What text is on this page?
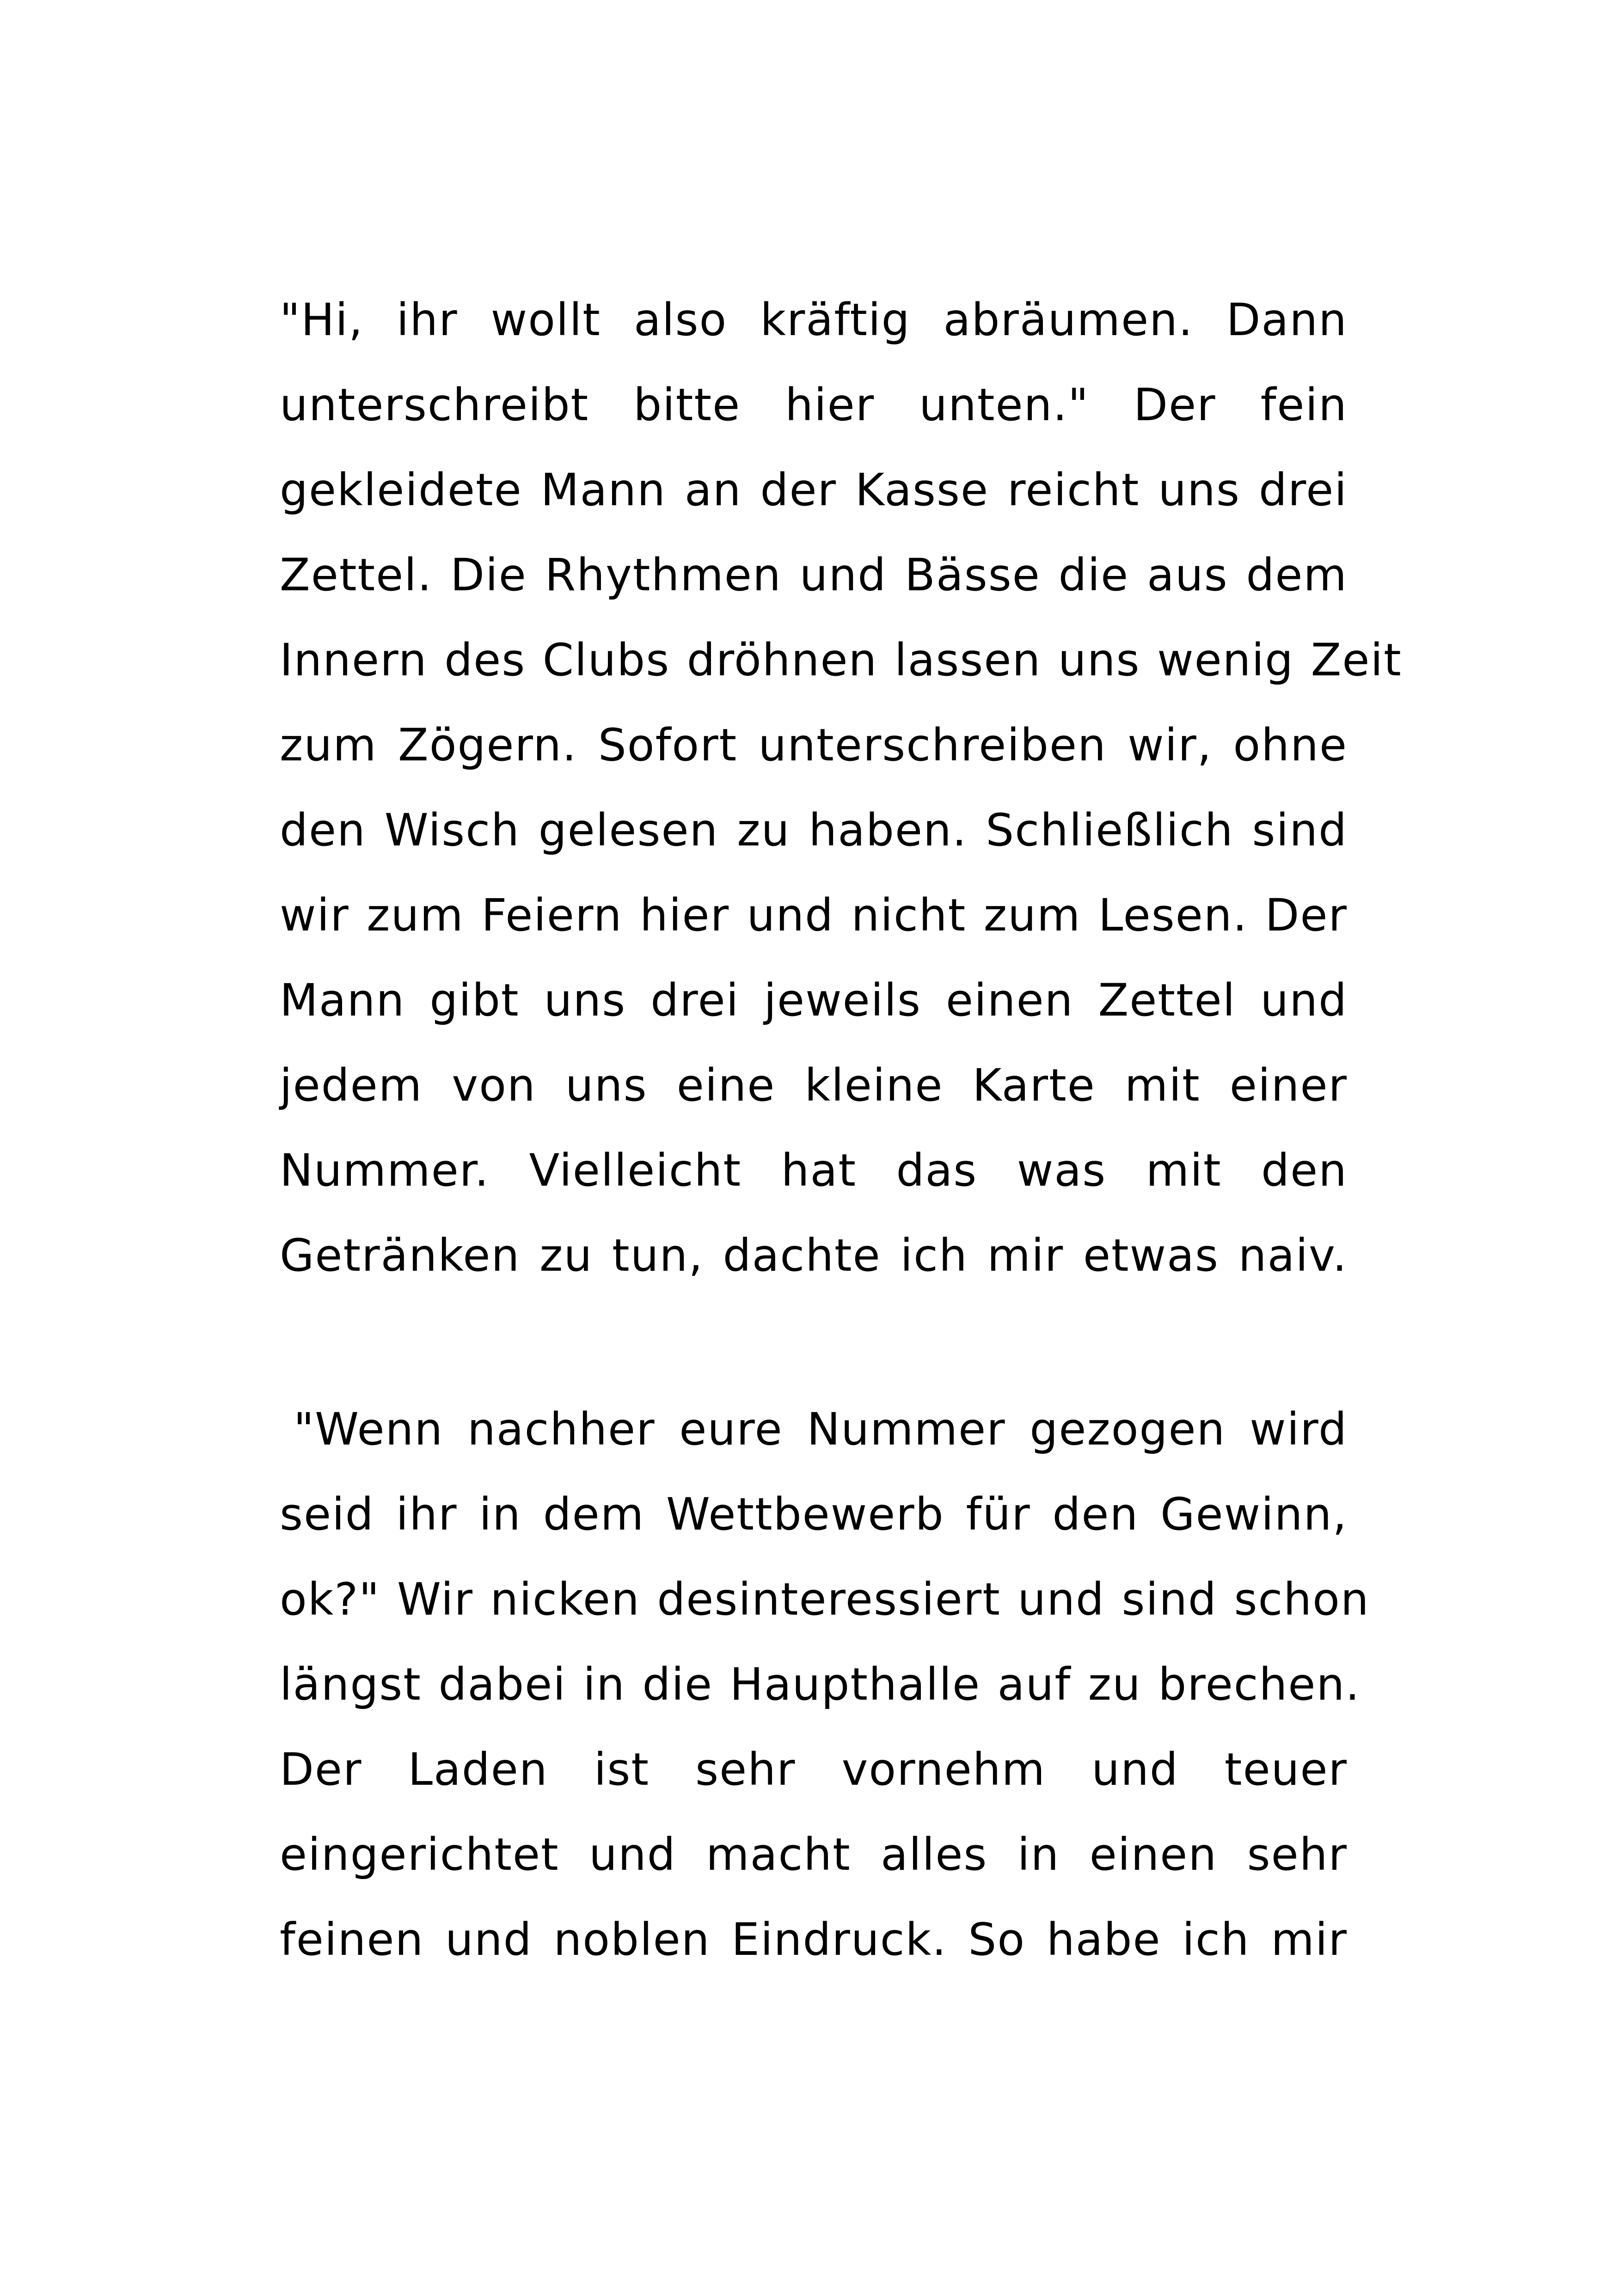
"Hi, ihr wollt also kräftig abräumen. Dann
unterschreibt bitte hier unten." Der fein
gekleidete Mann an der Kasse reicht uns drei
Zettel. Die Rhythmen und Bässe die aus dem
Innern des Clubs dröhnen lassen uns wenig Zeit
zum Zögern. Sofort unterschreiben wir, ohne
den Wisch gelesen zu haben. Schließlich sind
wir zum Feiern hier und nicht zum Lesen. Der
Mann gibt uns drei jeweils einen Zettel und
jedem von uns eine kleine Karte mit einer
Nummer. Vielleicht hat das was mit den
Getränken zu tun, dachte ich mir etwas naiv.
"Wenn nachher eure Nummer gezogen wird
seid ihr in dem Wettbewerb für den Gewinn,
ok?" Wir nicken desinteressiert und sind schon
längst dabei in die Haupthalle auf zu brechen.
Der Laden ist sehr vornehm und teuer
eingerichtet und macht alles in einen sehr
feinen und noblen Eindruck. So habe ich mir
